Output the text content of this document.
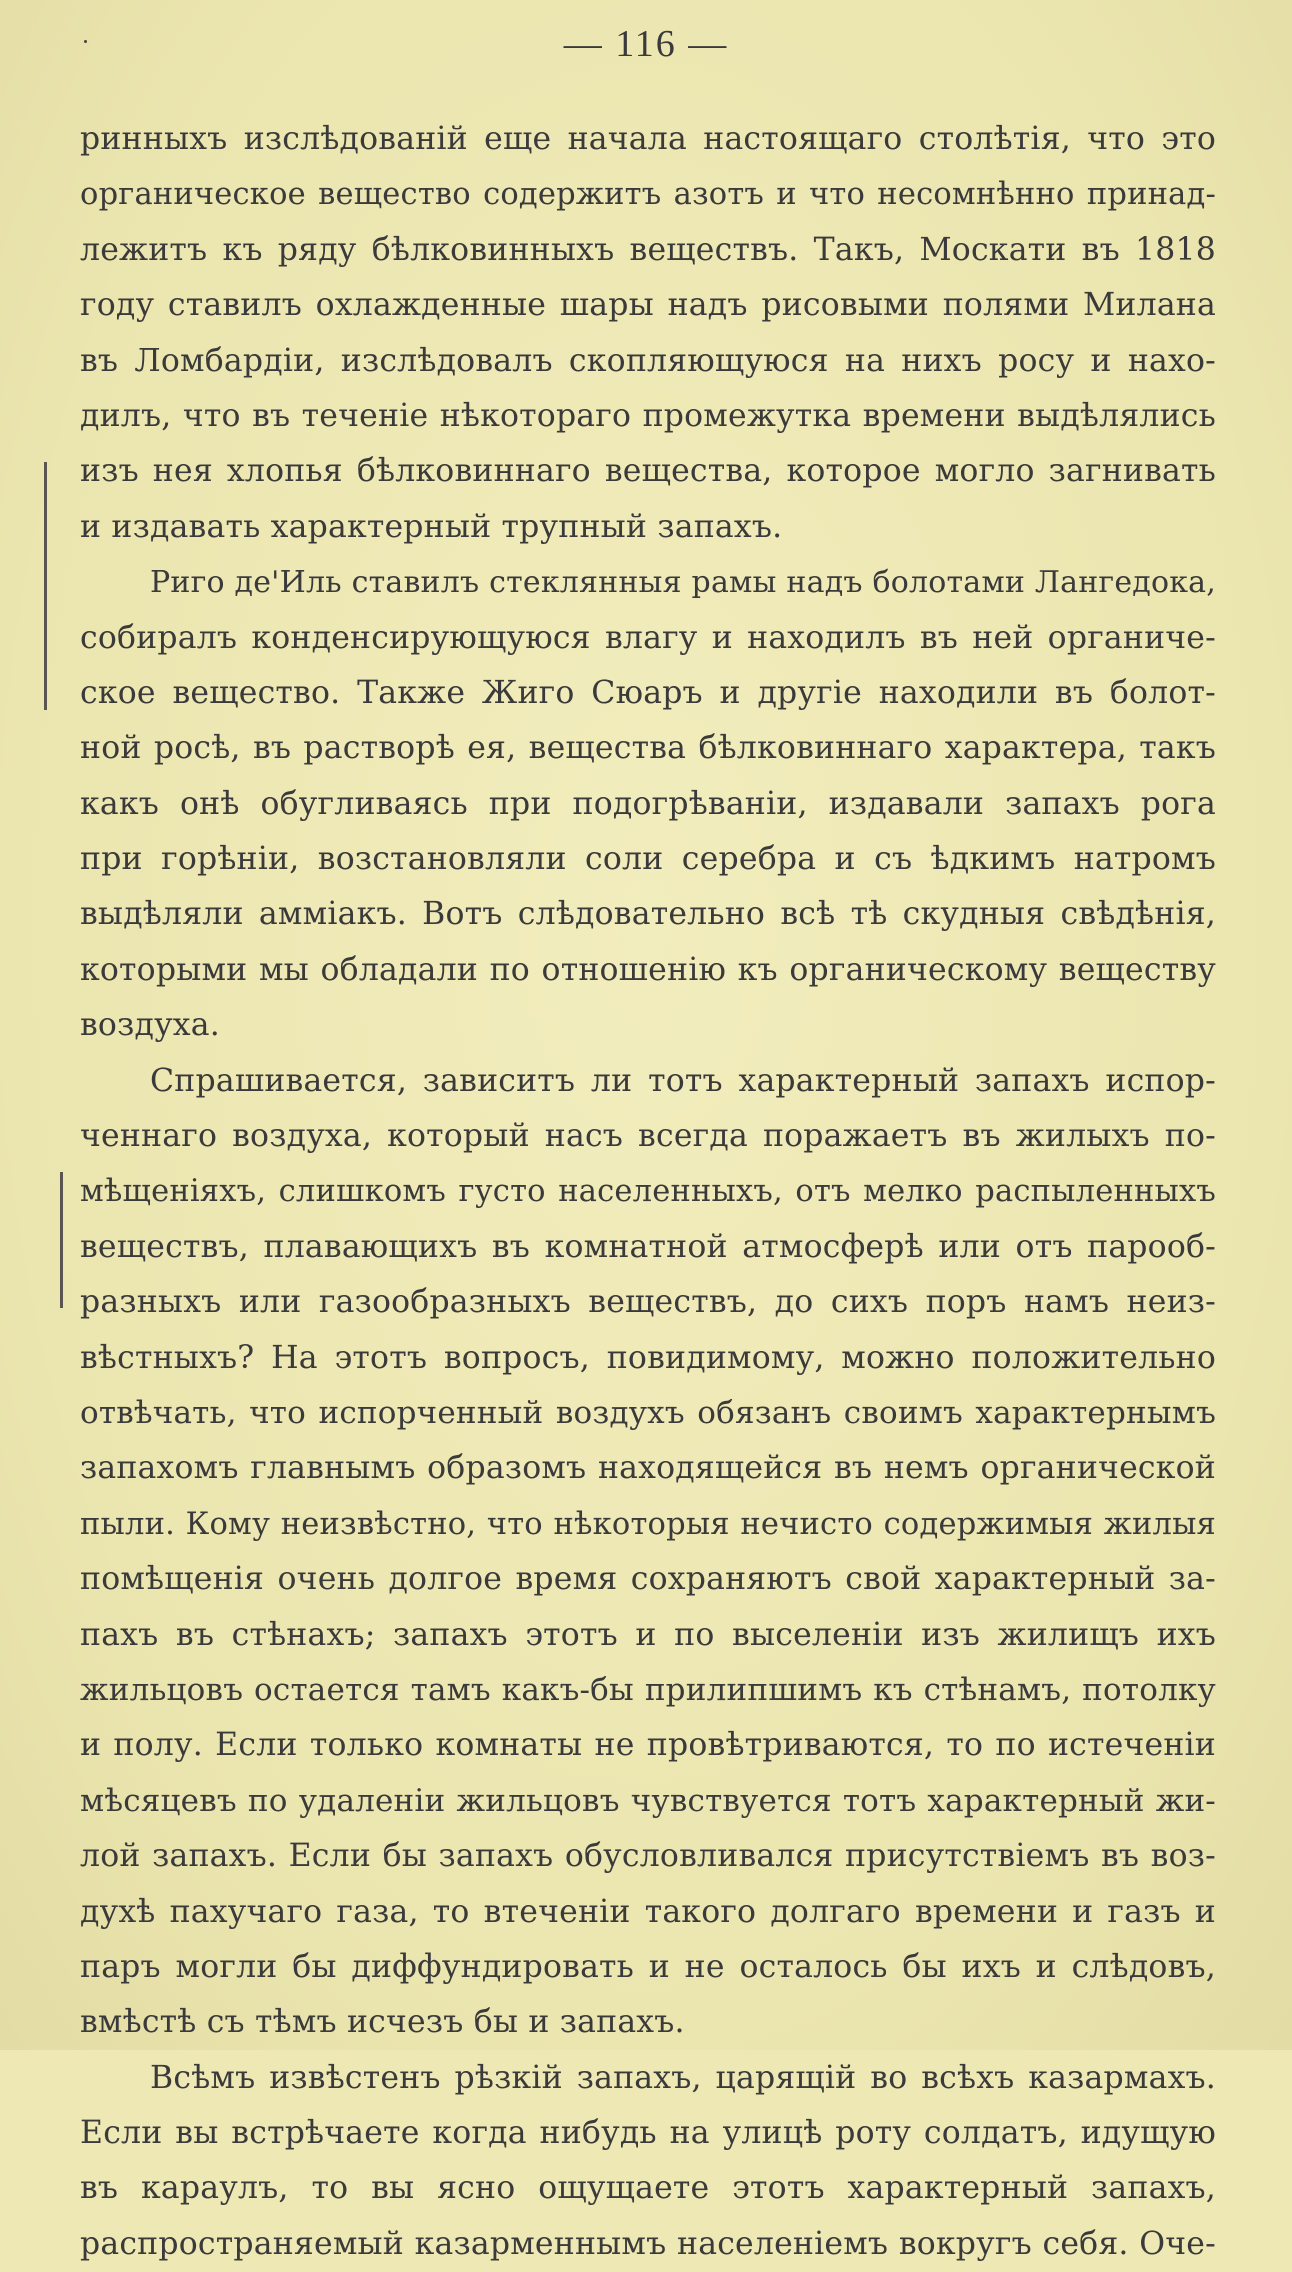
— 116 —
ринныхъ изслѣдованій еще начала настоящаго столѣтія, что это
органическое вещество содержитъ азотъ и что несомнѣнно принад-
лежитъ къ ряду бѣлковинныхъ веществъ. Такъ, Москати въ 1818
году ставилъ охлажденные шары надъ рисовыми полями Милана
въ Ломбардіи, изслѣдовалъ скопляющуюся на нихъ росу и нахо-
дилъ, что въ теченіе нѣкотораго промежутка времени выдѣлялись
изъ нея хлопья бѣлковиннаго вещества, которое могло загнивать
и издавать характерный трупный запахъ.
Риго де'Иль ставилъ стеклянныя рамы надъ болотами Лангедока,
собиралъ конденсирующуюся влагу и находилъ въ ней органиче-
ское вещество. Также Жиго Сюаръ и другіе находили въ болот-
ной росѣ, въ растворѣ ея, вещества бѣлковиннаго характера, такъ
какъ онѣ обугливаясь при подогрѣваніи, издавали запахъ рога
при горѣніи, возстановляли соли серебра и съ ѣдкимъ натромъ
выдѣляли амміакъ. Вотъ слѣдовательно всѣ тѣ скудныя свѣдѣнія,
которыми мы обладали по отношенію къ органическому веществу
воздуха.
Спрашивается, зависитъ ли тотъ характерный запахъ испор-
ченнаго воздуха, который насъ всегда поражаетъ въ жилыхъ по-
мѣщеніяхъ, слишкомъ густо населенныхъ, отъ мелко распыленныхъ
веществъ, плавающихъ въ комнатной атмосферѣ или отъ парооб-
разныхъ или газообразныхъ веществъ, до сихъ поръ намъ неиз-
вѣстныхъ? На этотъ вопросъ, повидимому, можно положительно
отвѣчать, что испорченный воздухъ обязанъ своимъ характернымъ
запахомъ главнымъ образомъ находящейся въ немъ органической
пыли. Кому неизвѣстно, что нѣкоторыя нечисто содержимыя жилыя
помѣщенія очень долгое время сохраняютъ свой характерный за-
пахъ въ стѣнахъ; запахъ этотъ и по выселеніи изъ жилищъ ихъ
жильцовъ остается тамъ какъ-бы прилипшимъ къ стѣнамъ, потолку
и полу. Если только комнаты не провѣтриваются, то по истеченіи
мѣсяцевъ по удаленіи жильцовъ чувствуется тотъ характерный жи-
лой запахъ. Если бы запахъ обусловливался присутствіемъ въ воз-
духѣ пахучаго газа, то втеченіи такого долгаго времени и газъ и
паръ могли бы диффундировать и не осталось бы ихъ и слѣдовъ,
вмѣстѣ съ тѣмъ исчезъ бы и запахъ.
Всѣмъ извѣстенъ рѣзкій запахъ, царящій во всѣхъ казармахъ.
Если вы встрѣчаете когда нибудь на улицѣ роту солдатъ, идущую
въ караулъ, то вы ясно ощущаете этотъ характерный запахъ,
распространяемый казарменнымъ населеніемъ вокругъ себя. Оче-
